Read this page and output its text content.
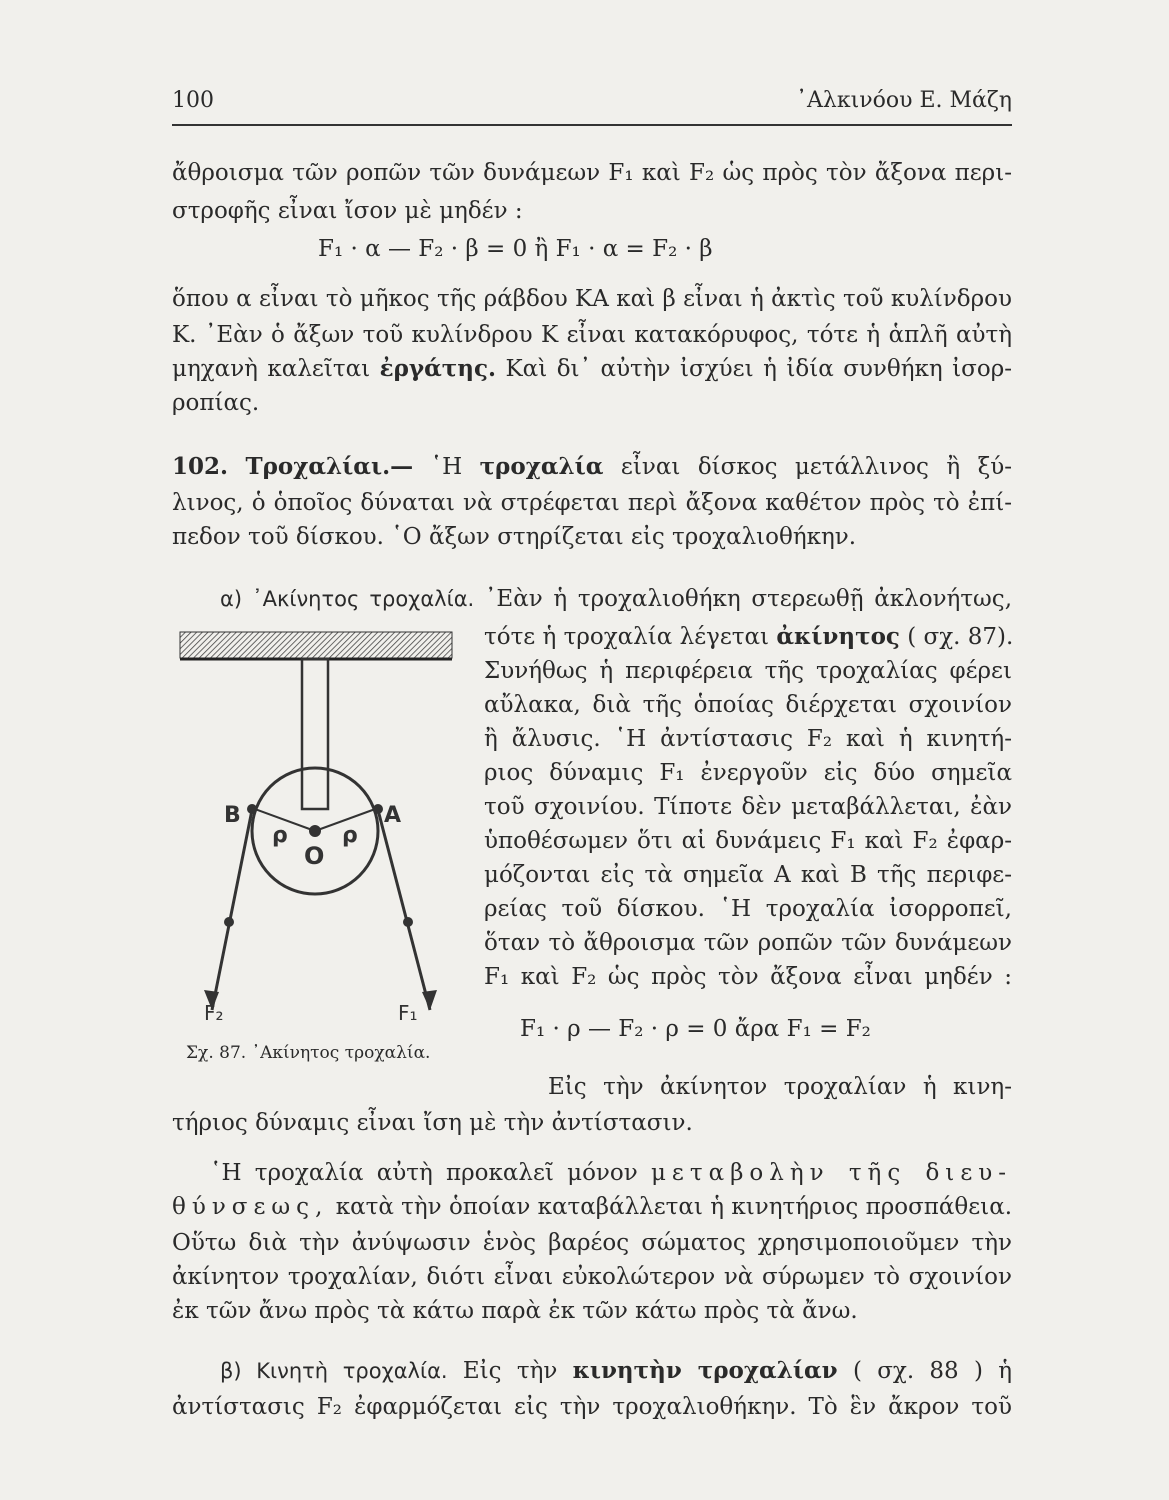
100	᾿Αλκινόου Ε. Μάζη
ἄθροισμα τῶν ροπῶν τῶν δυνάμεων F₁ καὶ F₂ ὡς πρὸς τὸν ἄξονα περι-
στροφῆς εἶναι ἴσον μὲ μηδέν :
F₁ · α — F₂ · β = 0 ἢ F₁ · α = F₂ · β
ὅπου α εἶναι τὸ μῆκος τῆς ράβδου ΚΑ καὶ β εἶναι ἡ ἀκτὶς τοῦ κυλίνδρου
Κ. ᾿Εὰν ὁ ἄξων τοῦ κυλίνδρου Κ εἶναι κατακόρυφος, τότε ἡ ἁπλῆ αὐτὴ
μηχανὴ καλεῖται ἐργάτης. Καὶ δι᾿ αὐτὴν ἰσχύει ἡ ἰδία συνθήκη ἰσορ-
ροπίας.
102. Τροχαλίαι.— ῾Η τροχαλία εἶναι δίσκος μετάλλινος ἢ ξύ-
λινος, ὁ ὁποῖος δύναται νὰ στρέφεται περὶ ἄξονα καθέτον πρὸς τὸ ἐπί-
πεδον τοῦ δίσκου. ῾Ο ἄξων στηρίζεται εἰς τροχαλιοθήκην.
α) ᾿Ακίνητος τροχαλία. ᾿Εὰν ἡ τροχαλιοθήκη στερεωθῇ ἀκλονήτως,
τότε ἡ τροχαλία λέγεται ἀκίνητος ( σχ. 87).
Συνήθως ἡ περιφέρεια τῆς τροχαλίας φέρει
αὔλακα, διὰ τῆς ὁποίας διέρχεται σχοινίον
ἢ ἄλυσις. ῾Η ἀντίστασις F₂ καὶ ἡ κινητή-
ριος δύναμις F₁ ἐνεργοῦν εἰς δύο σημεῖα
τοῦ σχοινίου. Τίποτε δὲν μεταβάλλεται, ἐὰν
ὑποθέσωμεν ὅτι αἱ δυνάμεις F₁ καὶ F₂ ἐφαρ-
μόζονται εἰς τὰ σημεῖα Α καὶ Β τῆς περιφε-
ρείας τοῦ δίσκου. ῾Η τροχαλία ἰσορροπεῖ,
ὅταν τὸ ἄθροισμα τῶν ροπῶν τῶν δυνάμεων
F₁ καὶ F₂ ὡς πρὸς τὸν ἄξονα εἶναι μηδέν :
F₁ · ρ — F₂ · ρ = 0 ἄρα F₁ = F₂
Εἰς τὴν ἀκίνητον τροχαλίαν ἡ κινη-
τήριος δύναμις εἶναι ἴση μὲ τὴν ἀντίστασιν.
B	A
ρ ρ
O
F₂	F₁
Σχ. 87. ᾿Ακίνητος τροχαλία.
῾Η τροχαλία αὐτὴ προκαλεῖ μόνον μεταβολὴν τῆς διευ-
θύνσεως, κατὰ τὴν ὁποίαν καταβάλλεται ἡ κινητήριος προσπάθεια.
Οὕτω διὰ τὴν ἀνύψωσιν ἑνὸς βαρέος σώματος χρησιμοποιοῦμεν τὴν
ἀκίνητον τροχαλίαν, διότι εἶναι εὐκολώτερον νὰ σύρωμεν τὸ σχοινίον
ἐκ τῶν ἄνω πρὸς τὰ κάτω παρὰ ἐκ τῶν κάτω πρὸς τὰ ἄνω.
β) Κινητὴ τροχαλία. Εἰς τὴν κινητὴν τροχαλίαν ( σχ. 88 ) ἡ
ἀντίστασις F₂ ἐφαρμόζεται εἰς τὴν τροχαλιοθήκην. Τὸ ἓν ἄκρον τοῦ
